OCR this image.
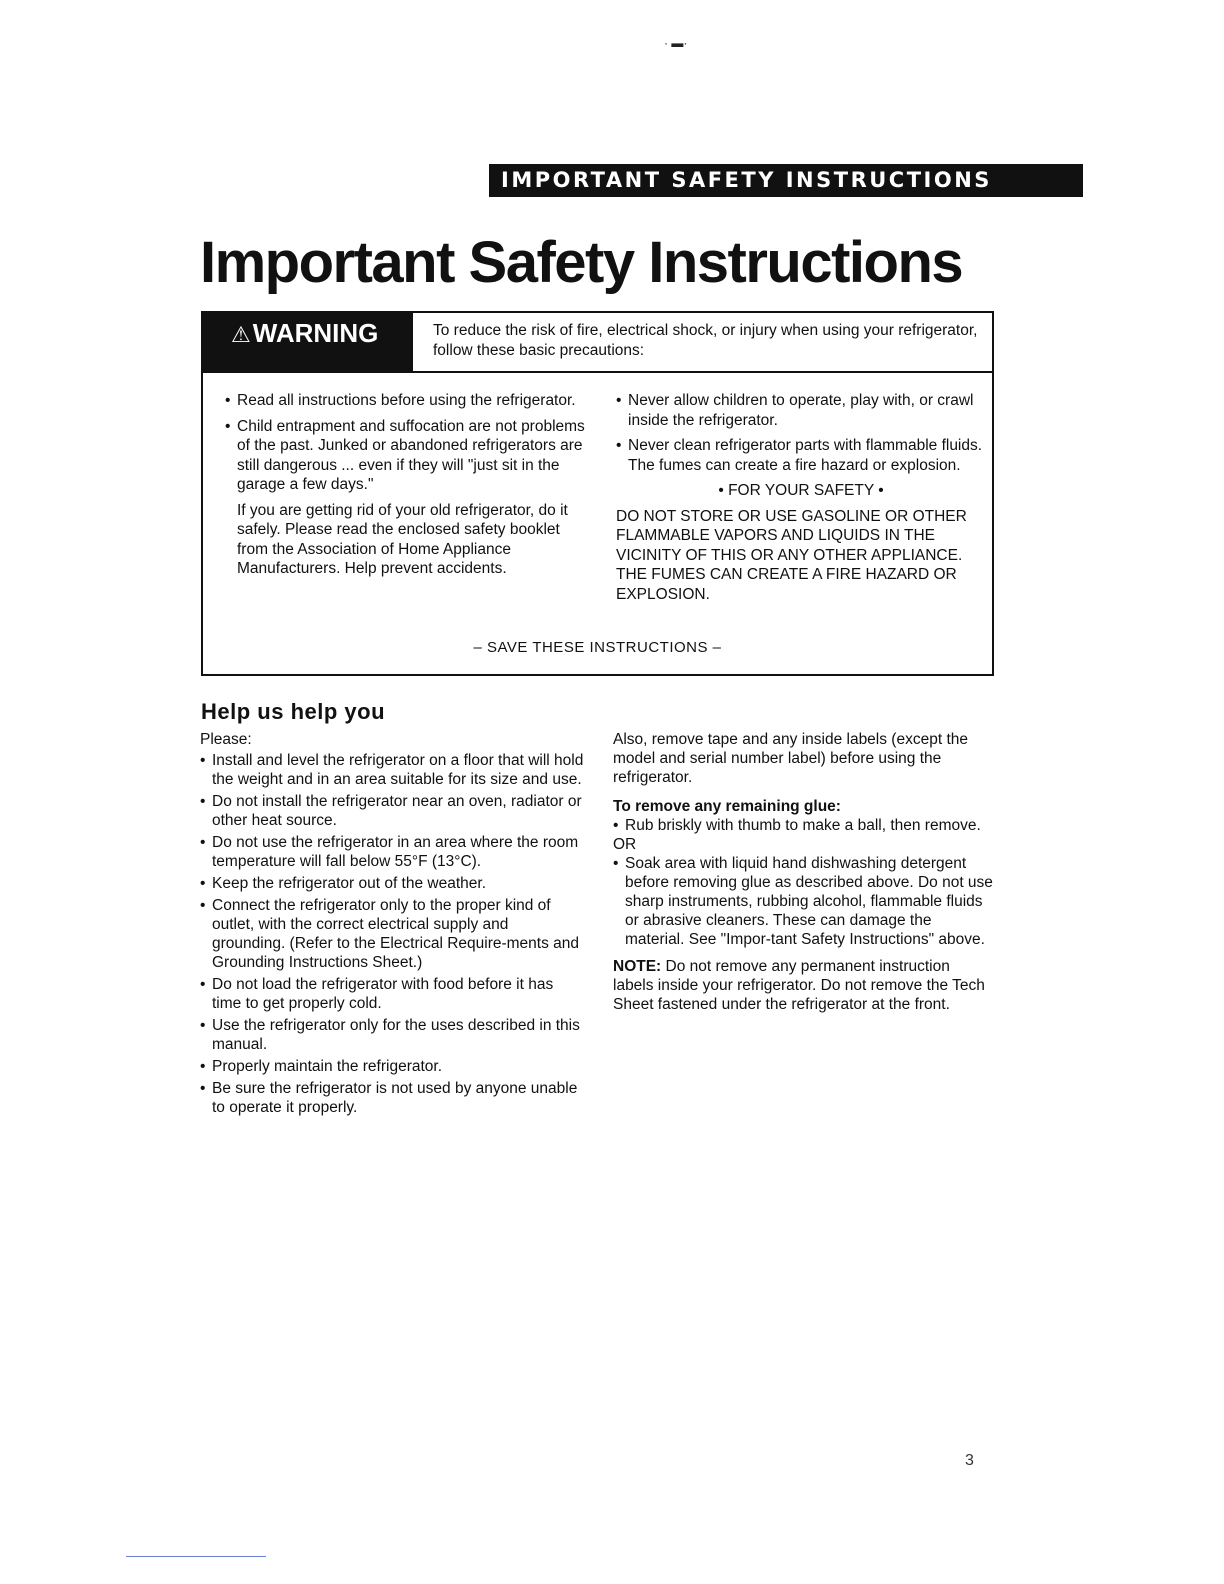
· ▬·
IMPORTANT SAFETY INSTRUCTIONS
Important Safety Instructions
⚠WARNING	To reduce the risk of fire, electrical shock, or injury when using your refrigerator, follow these basic precautions:

• Read all instructions before using the refrigerator.
• Child entrapment and suffocation are not problems of the past. Junked or abandoned refrigerators are still dangerous ... even if they will "just sit in the garage a few days."

If you are getting rid of your old refrigerator, do it safely. Please read the enclosed safety booklet from the Association of Home Appliance Manufacturers. Help prevent accidents.

• Never allow children to operate, play with, or crawl inside the refrigerator.
• Never clean refrigerator parts with flammable fluids. The fumes can create a fire hazard or explosion.

• FOR YOUR SAFETY •

DO NOT STORE OR USE GASOLINE OR OTHER FLAMMABLE VAPORS AND LIQUIDS IN THE VICINITY OF THIS OR ANY OTHER APPLIANCE. THE FUMES CAN CREATE A FIRE HAZARD OR EXPLOSION.

– SAVE THESE INSTRUCTIONS –
Help us help you

Please:

• Install and level the refrigerator on a floor that will hold the weight and in an area suitable for its size and use.
• Do not install the refrigerator near an oven, radiator or other heat source.
• Do not use the refrigerator in an area where the room temperature will fall below 55°F (13°C).
• Keep the refrigerator out of the weather.
• Connect the refrigerator only to the proper kind of outlet, with the correct electrical supply and grounding. (Refer to the Electrical Require-ments and Grounding Instructions Sheet.)
• Do not load the refrigerator with food before it has time to get properly cold.
• Use the refrigerator only for the uses described in this manual.
• Properly maintain the refrigerator.
• Be sure the refrigerator is not used by anyone unable to operate it properly.

Also, remove tape and any inside labels (except the model and serial number label) before using the refrigerator.

To remove any remaining glue:

• Rub briskly with thumb to make a ball, then remove.

OR

• Soak area with liquid hand dishwashing detergent before removing glue as described above. Do not use sharp instruments, rubbing alcohol, flammable fluids or abrasive cleaners. These can damage the material. See "Impor-tant Safety Instructions" above.

NOTE: Do not remove any permanent instruction labels inside your refrigerator. Do not remove the Tech Sheet fastened under the refrigerator at the front.

3
